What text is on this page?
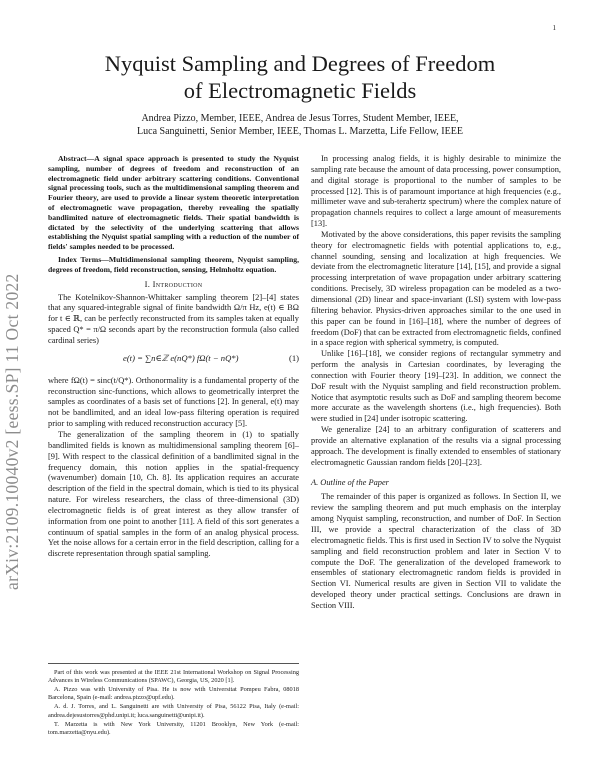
1
arXiv:2109.10040v2 [eess.SP] 11 Oct 2022
Nyquist Sampling and Degrees of Freedom
of Electromagnetic Fields
Andrea Pizzo, Member, IEEE, Andrea de Jesus Torres, Student Member, IEEE,
Luca Sanguinetti, Senior Member, IEEE, Thomas L. Marzetta, Life Fellow, IEEE

Abstract—A signal space approach is presented to study the Nyquist sampling, number of degrees of freedom and reconstruction of an electromagnetic field under arbitrary scattering conditions. Conventional signal processing tools, such as the multidimensional sampling theorem and Fourier theory, are used to provide a linear system theoretic interpretation of electromagnetic wave propagation, thereby revealing the spatially bandlimited nature of electromagnetic fields. Their spatial bandwidth is dictated by the selectivity of the underlying scattering that allows establishing the Nyquist spatial sampling with a reduction of the number of fields' samples needed to be processed.

Index Terms—Multidimensional sampling theorem, Nyquist sampling, degrees of freedom, field reconstruction, sensing, Helmholtz equation.

I. Introduction

The Kotelnikov-Shannon-Whittaker sampling theorem [2]–[4] states that any squared-integrable signal of finite bandwidth Ω/π Hz, e(t) ∈ BΩ for t ∈ ℝ, can be perfectly reconstructed from its samples taken at equally spaced Q* = π/Ω seconds apart by the reconstruction formula (also called cardinal series)

e(t) = ∑n∈ℤ e(nQ*) fΩ(t − nQ*)	(1)

where fΩ(t) = sinc(t/Q*). Orthonormality is a fundamental property of the reconstruction sinc-functions, which allows to geometrically interpret the samples as coordinates of a basis set of functions [2]. In general, e(t) may not be bandlimited, and an ideal low-pass filtering operation is required prior to sampling with reduced reconstruction accuracy [5].

The generalization of the sampling theorem in (1) to spatially bandlimited fields is known as multidimensional sampling theorem [6]–[9]. With respect to the classical definition of a bandlimited signal in the frequency domain, this notion applies in the spatial-frequency (wavenumber) domain [10, Ch. 8]. Its application requires an accurate description of the field in the spectral domain, which is tied to its physical nature. For wireless researchers, the class of three-dimensional (3D) electromagnetic fields is of great interest as they allow transfer of information from one point to another [11]. A field of this sort generates a continuum of spatial samples in the form of an analog physical process. Yet the noise allows for a certain error in the field description, calling for a discrete representation through spatial sampling.

Part of this work was presented at the IEEE 21st International Workshop on Signal Processing Advances in Wireless Communications (SPAWC), Georgia, US, 2020 [1].

A. Pizzo was with University of Pisa. He is now with Universitat Pompeu Fabra, 08018 Barcelona, Spain (e-mail: andrea.pizzo@upf.edu).

A. d. J. Torres, and L. Sanguinetti are with University of Pisa, 56122 Pisa, Italy (e-mail: andrea.dejesustorres@phd.unipi.it; luca.sanguinetti@unipi.it).

T. Marzetta is with New York University, 11201 Brooklyn, New York (e-mail: tom.marzetta@nyu.edu).

In processing analog fields, it is highly desirable to minimize the sampling rate because the amount of data processing, power consumption, and digital storage is proportional to the number of samples to be processed [12]. This is of paramount importance at high frequencies (e.g., millimeter wave and sub-terahertz spectrum) where the complex nature of propagation channels requires to collect a large amount of measurements [13].

Motivated by the above considerations, this paper revisits the sampling theory for electromagnetic fields with potential applications to, e.g., channel sounding, sensing and localization at high frequencies. We deviate from the electromagnetic literature [14], [15], and provide a signal processing interpretation of wave propagation under arbitrary scattering conditions. Precisely, 3D wireless propagation can be modeled as a two-dimensional (2D) linear and space-invariant (LSI) system with low-pass filtering behavior. Physics-driven approaches similar to the one used in this paper can be found in [16]–[18], where the number of degrees of freedom (DoF) that can be extracted from electromagnetic fields, confined in a space region with spherical symmetry, is computed.

Unlike [16]–[18], we consider regions of rectangular symmetry and perform the analysis in Cartesian coordinates, by leveraging the connection with Fourier theory [19]–[23]. In addition, we connect the DoF result with the Nyquist sampling and field reconstruction problem. Notice that asymptotic results such as DoF and sampling theorem become more accurate as the wavelength shortens (i.e., high frequencies). Both were studied in [24] under isotropic scattering.

We generalize [24] to an arbitrary configuration of scatterers and provide an alternative explanation of the results via a signal processing approach. The development is finally extended to ensembles of stationary electromagnetic Gaussian random fields [20]–[23].

A. Outline of the Paper

The remainder of this paper is organized as follows. In Section II, we review the sampling theorem and put much emphasis on the interplay among Nyquist sampling, reconstruction, and number of DoF. In Section III, we provide a spectral characterization of the class of 3D electromagnetic fields. This is first used in Section IV to solve the Nyquist sampling and field reconstruction problem and later in Section V to compute the DoF. The generalization of the developed framework to ensembles of stationary electromagnetic random fields is provided in Section VI. Numerical results are given in Section VII to validate the developed theory under practical settings. Conclusions are drawn in Section VIII.
